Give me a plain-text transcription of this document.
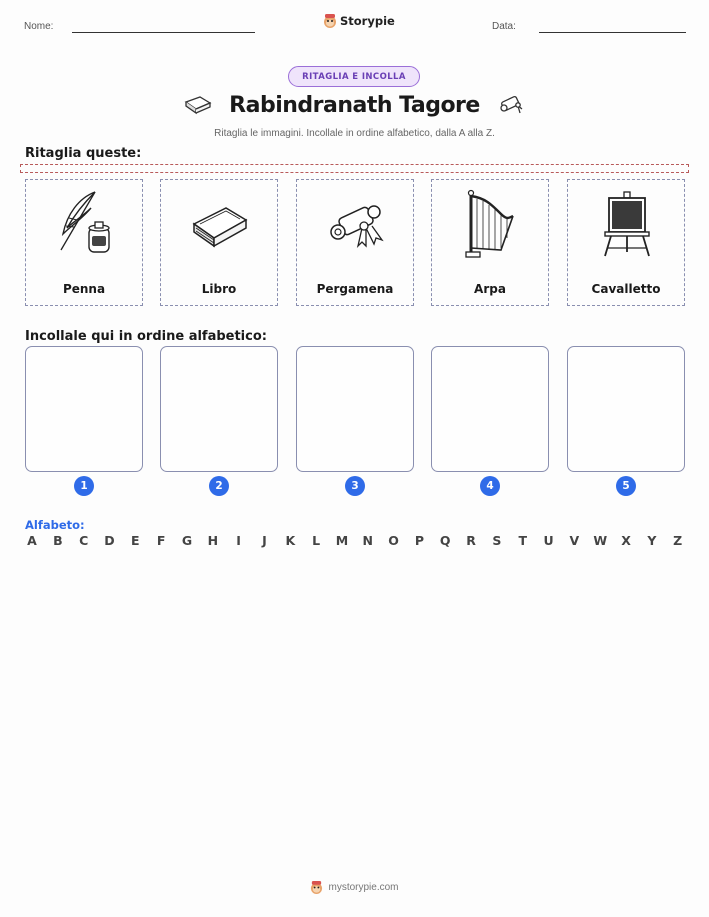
Nome:	Storypie	Data:
RITAGLIA E INCOLLA
Rabindranath Tagore
Ritaglia le immagini. Incollale in ordine alfabetico, dalla A alla Z.
Ritaglia queste:
Penna	Libro	Pergamena	Arpa	Cavalletto
Incollale qui in ordine alfabetico:
1	2	3	4	5
Alfabeto:
A B C D E F G H	I	J	K L M N O P Q R S T U V W X Y Z
mystorypie.com
